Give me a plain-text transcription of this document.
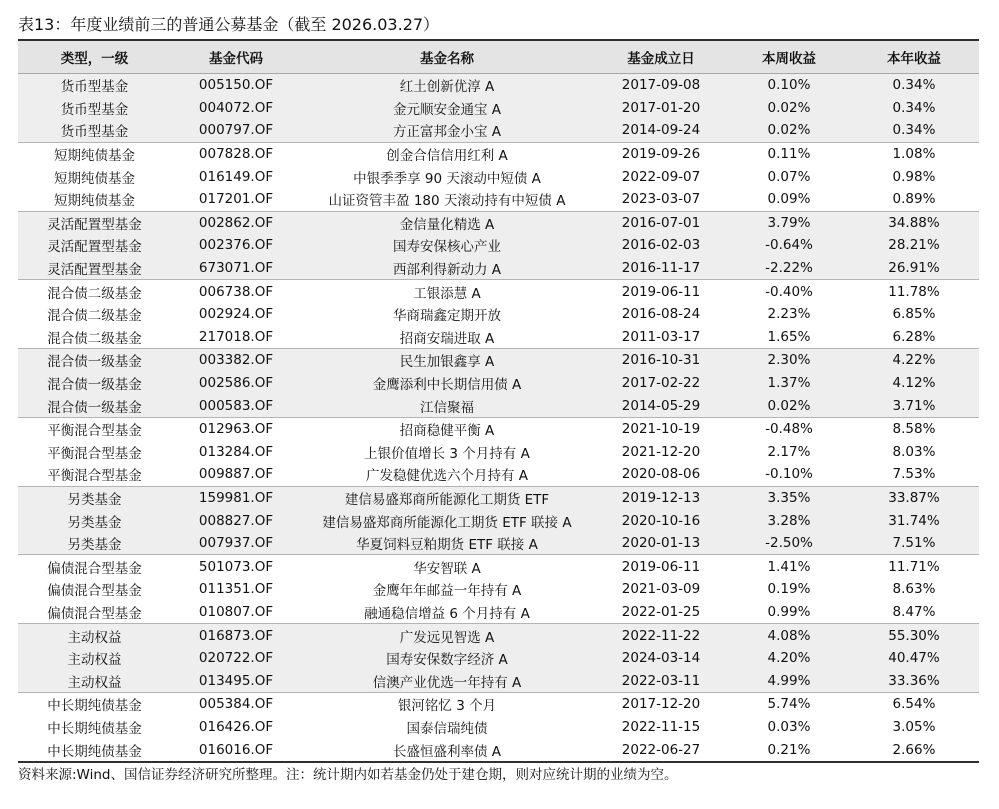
表13：年度业绩前三的普通公募基金（截至 2026.03.27）
类型，一级	基金代码	基金名称	基金成立日	本周收益	本年收益
货币型基金	005150.OF	红土创新优淳 A	2017-09-08	0.10%	0.34%
货币型基金	004072.OF	金元顺安金通宝 A	2017-01-20	0.02%	0.34%
货币型基金	000797.OF	方正富邦金小宝 A	2014-09-24	0.02%	0.34%
短期纯债基金	007828.OF	创金合信信用红利 A	2019-09-26	0.11%	1.08%
短期纯债基金	016149.OF	中银季季享 90 天滚动中短债 A	2022-09-07	0.07%	0.98%
短期纯债基金	017201.OF	山证资管丰盈 180 天滚动持有中短债 A	2023-03-07	0.09%	0.89%
灵活配置型基金	002862.OF	金信量化精选 A	2016-07-01	3.79%	34.88%
灵活配置型基金	002376.OF	国寿安保核心产业	2016-02-03	-0.64%	28.21%
灵活配置型基金	673071.OF	西部利得新动力 A	2016-11-17	-2.22%	26.91%
混合债二级基金	006738.OF	工银添慧 A	2019-06-11	-0.40%	11.78%
混合债二级基金	002924.OF	华商瑞鑫定期开放	2016-08-24	2.23%	6.85%
混合债二级基金	217018.OF	招商安瑞进取 A	2011-03-17	1.65%	6.28%
混合债一级基金	003382.OF	民生加银鑫享 A	2016-10-31	2.30%	4.22%
混合债一级基金	002586.OF	金鹰添利中长期信用债 A	2017-02-22	1.37%	4.12%
混合债一级基金	000583.OF	江信聚福	2014-05-29	0.02%	3.71%
平衡混合型基金	012963.OF	招商稳健平衡 A	2021-10-19	-0.48%	8.58%
平衡混合型基金	013284.OF	上银价值增长 3 个月持有 A	2021-12-20	2.17%	8.03%
平衡混合型基金	009887.OF	广发稳健优选六个月持有 A	2020-08-06	-0.10%	7.53%
另类基金	159981.OF	建信易盛郑商所能源化工期货 ETF	2019-12-13	3.35%	33.87%
另类基金	008827.OF	建信易盛郑商所能源化工期货 ETF 联接 A	2020-10-16	3.28%	31.74%
另类基金	007937.OF	华夏饲料豆粕期货 ETF 联接 A	2020-01-13	-2.50%	7.51%
偏债混合型基金	501073.OF	华安智联 A	2019-06-11	1.41%	11.71%
偏债混合型基金	011351.OF	金鹰年年邮益一年持有 A	2021-03-09	0.19%	8.63%
偏债混合型基金	010807.OF	融通稳信增益 6 个月持有 A	2022-01-25	0.99%	8.47%
主动权益	016873.OF	广发远见智选 A	2022-11-22	4.08%	55.30%
主动权益	020722.OF	国寿安保数字经济 A	2024-03-14	4.20%	40.47%
主动权益	013495.OF	信澳产业优选一年持有 A	2022-03-11	4.99%	33.36%
中长期纯债基金	005384.OF	银河铭忆 3 个月	2017-12-20	5.74%	6.54%
中长期纯债基金	016426.OF	国泰信瑞纯债	2022-11-15	0.03%	3.05%
中长期纯债基金	016016.OF	长盛恒盛利率债 A	2022-06-27	0.21%	2.66%
资料来源:Wind、国信证券经济研究所整理。注：统计期内如若基金仍处于建仓期，则对应统计期的业绩为空。
